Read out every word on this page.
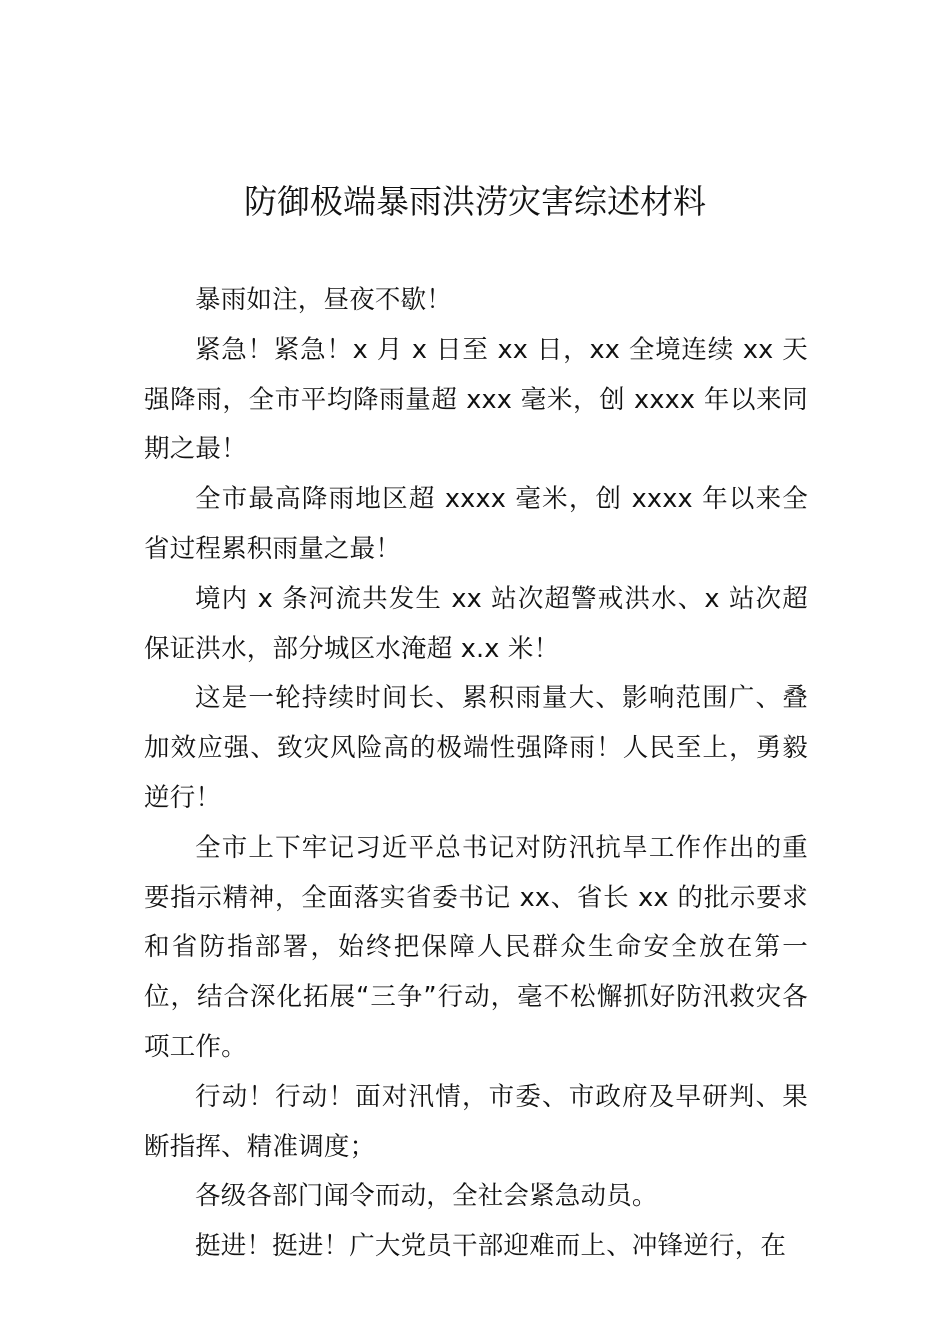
防御极端暴雨洪涝灾害综述材料

暴雨如注，昼夜不歇！

紧急！紧急！x 月 x 日至 xx 日，xx 全境连续 xx 天强降雨，全市平均降雨量超 xxx 毫米，创 xxxx 年以来同期之最！

全市最高降雨地区超 xxxx 毫米，创 xxxx 年以来全省过程累积雨量之最！

境内 x 条河流共发生 xx 站次超警戒洪水、x 站次超保证洪水，部分城区水淹超 x.x 米！

这是一轮持续时间长、累积雨量大、影响范围广、叠加效应强、致灾风险高的极端性强降雨！人民至上，勇毅逆行！

全市上下牢记习近平总书记对防汛抗旱工作作出的重要指示精神，全面落实省委书记 xx、省长 xx 的批示要求和省防指部署，始终把保障人民群众生命安全放在第一位，结合深化拓展“三争”行动，毫不松懈抓好防汛救灾各项工作。

行动！行动！面对汛情，市委、市政府及早研判、果断指挥、精准调度；

各级各部门闻令而动，全社会紧急动员。

挺进！挺进！广大党员干部迎难而上、冲锋逆行，在
